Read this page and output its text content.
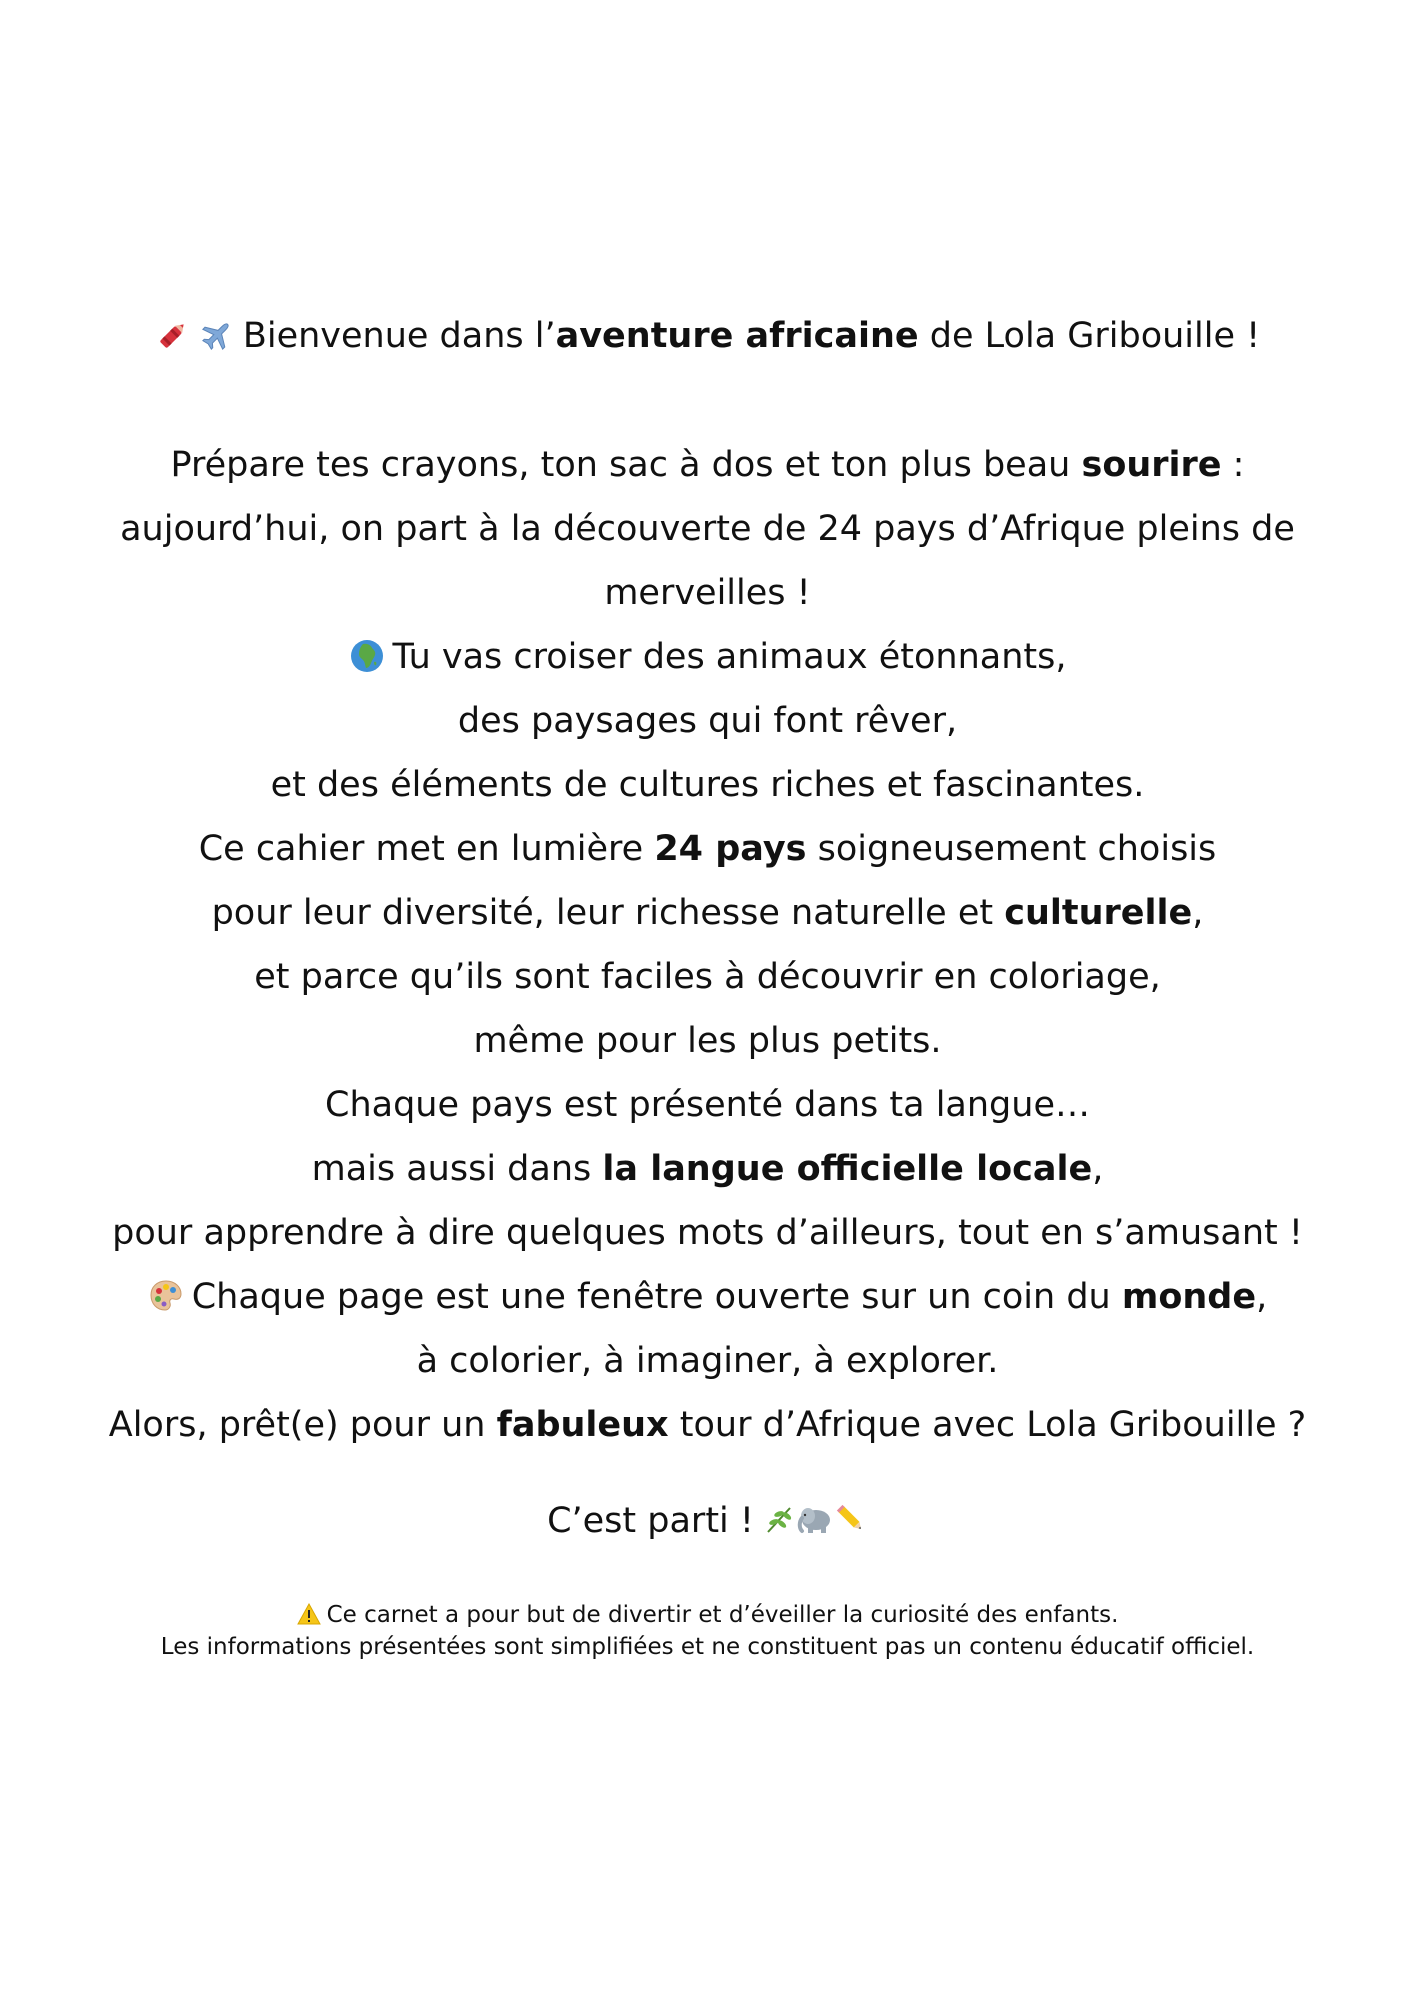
Bienvenue dans l’aventure africaine de Lola Gribouille !
Prépare tes crayons, ton sac à dos et ton plus beau sourire :
aujourd’hui, on part à la découverte de 24 pays d’Afrique pleins de
merveilles !
Tu vas croiser des animaux étonnants,
des paysages qui font rêver,
et des éléments de cultures riches et fascinantes.
Ce cahier met en lumière 24 pays soigneusement choisis
pour leur diversité, leur richesse naturelle et culturelle,
et parce qu’ils sont faciles à découvrir en coloriage,
même pour les plus petits.
Chaque pays est présenté dans ta langue…
mais aussi dans la langue officielle locale,
pour apprendre à dire quelques mots d’ailleurs, tout en s’amusant !
Chaque page est une fenêtre ouverte sur un coin du monde,
à colorier, à imaginer, à explorer.
Alors, prêt(e) pour un fabuleux tour d’Afrique avec Lola Gribouille ?
C’est parti !
Ce carnet a pour but de divertir et d’éveiller la curiosité des enfants.
Les informations présentées sont simplifiées et ne constituent pas un contenu éducatif officiel.
